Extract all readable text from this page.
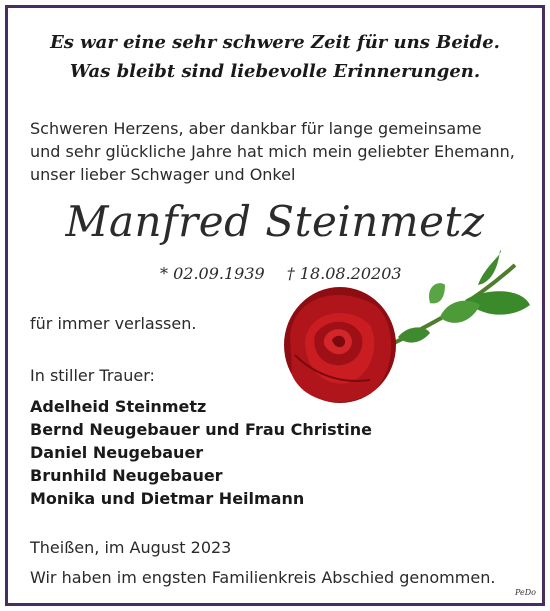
Es war eine sehr schwere Zeit für uns Beide.
Was bleibt sind liebevolle Erinnerungen.
Schweren Herzens, aber dankbar für lange gemeinsame
und sehr glückliche Jahre hat mich mein geliebter Ehemann,
unser lieber Schwager und Onkel
Manfred Steinmetz
* 02.09.1939 † 18.08.20203
für immer verlassen.
In stiller Trauer:
Adelheid Steinmetz
Bernd Neugebauer und Frau Christine
Daniel Neugebauer
Brunhild Neugebauer
Monika und Dietmar Heilmann
Theißen, im August 2023
Wir haben im engsten Familienkreis Abschied genommen.
PeDo
